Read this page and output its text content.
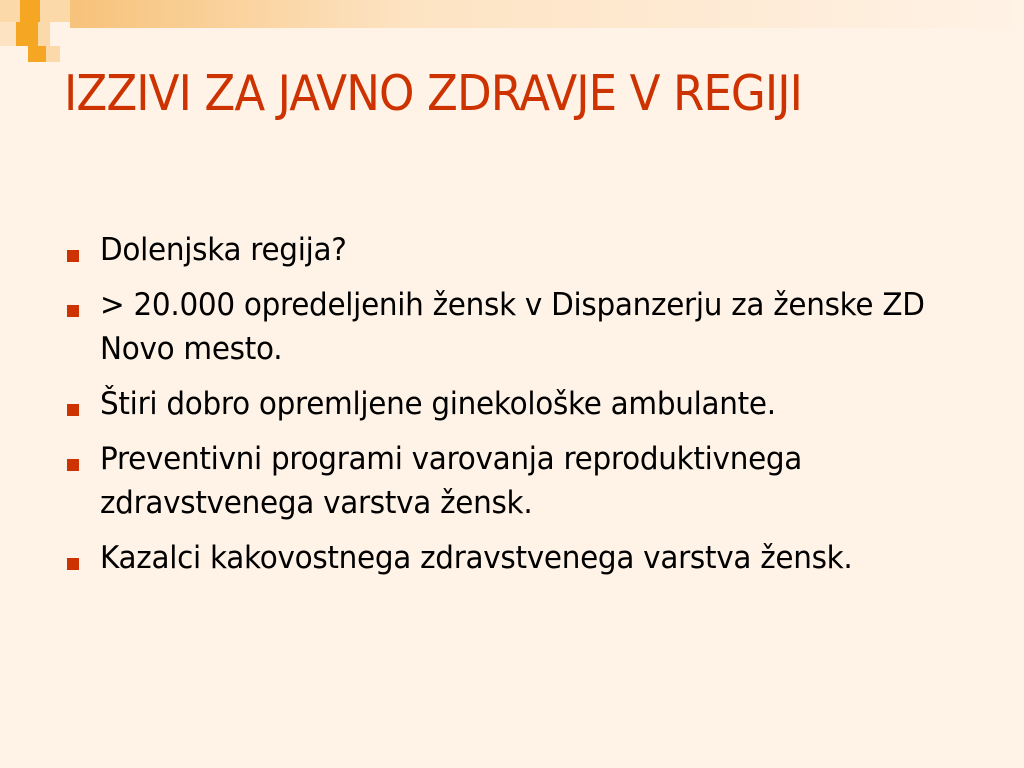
IZZIVI ZA JAVNO ZDRAVJE V REGIJI
Dolenjska regija?
> 20.000 opredeljenih žensk v Dispanzerju za ženske ZD Novo mesto.
Štiri dobro opremljene ginekološke ambulante.
Preventivni programi varovanja reproduktivnega zdravstvenega varstva žensk.
Kazalci kakovostnega zdravstvenega varstva žensk.
